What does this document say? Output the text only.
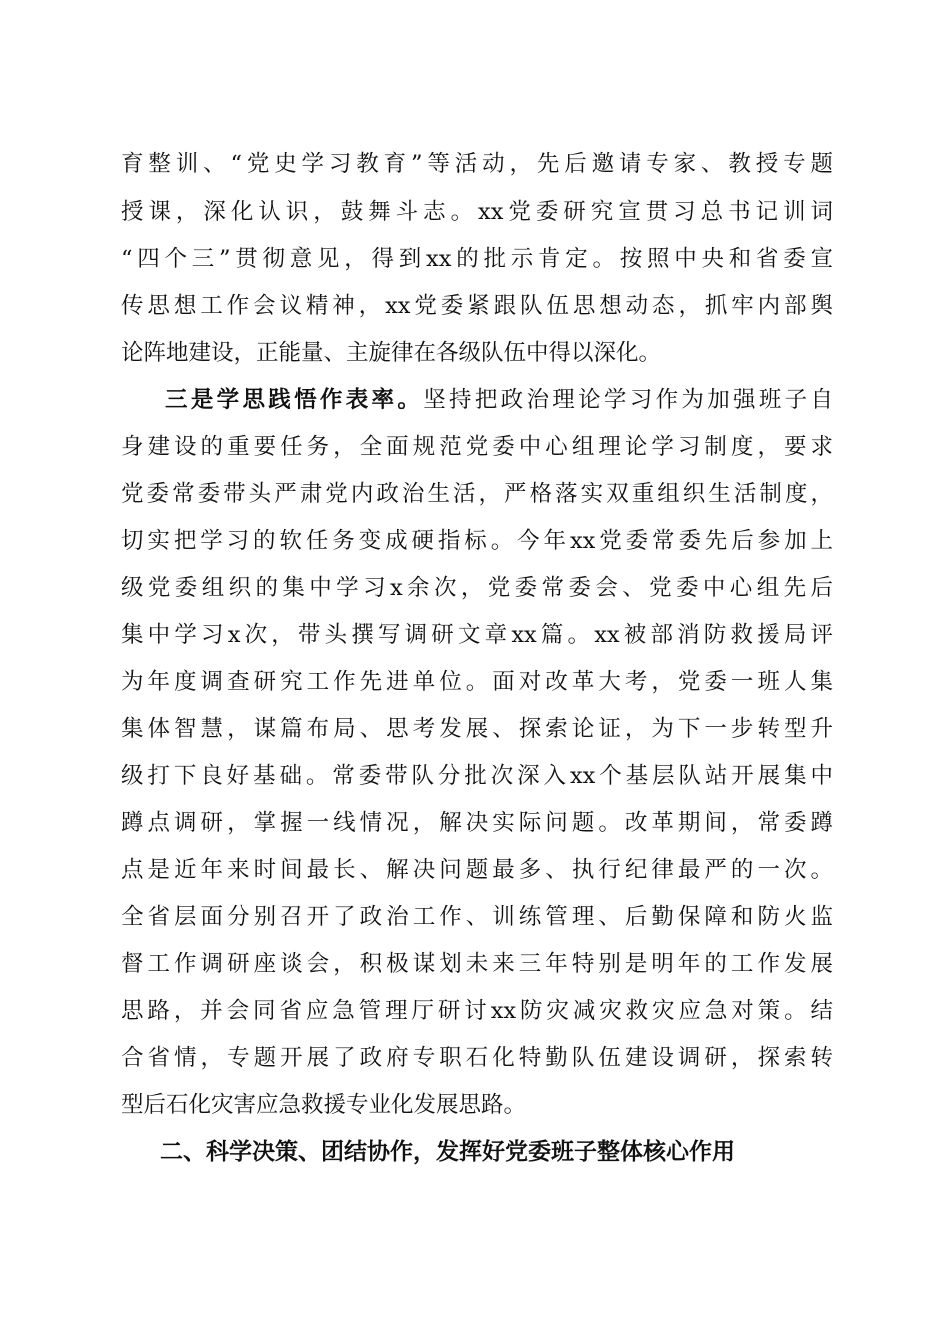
育整训、“党史学习教育”等活动，先后邀请专家、教授专题
授课，深化认识，鼓舞斗志。xx党委研究宣贯习总书记训词
“四个三”贯彻意见，得到xx的批示肯定。按照中央和省委宣
传思想工作会议精神，xx党委紧跟队伍思想动态，抓牢内部舆
论阵地建设，正能量、主旋律在各级队伍中得以深化。
三是学思践悟作表率。坚持把政治理论学习作为加强班子自
身建设的重要任务，全面规范党委中心组理论学习制度，要求
党委常委带头严肃党内政治生活，严格落实双重组织生活制度，
切实把学习的软任务变成硬指标。今年xx党委常委先后参加上
级党委组织的集中学习x余次，党委常委会、党委中心组先后
集中学习x次，带头撰写调研文章xx篇。xx被部消防救援局评
为年度调查研究工作先进单位。面对改革大考，党委一班人集
集体智慧，谋篇布局、思考发展、探索论证，为下一步转型升
级打下良好基础。常委带队分批次深入xx个基层队站开展集中
蹲点调研，掌握一线情况，解决实际问题。改革期间，常委蹲
点是近年来时间最长、解决问题最多、执行纪律最严的一次。
全省层面分别召开了政治工作、训练管理、后勤保障和防火监
督工作调研座谈会，积极谋划未来三年特别是明年的工作发展
思路，并会同省应急管理厅研讨xx防灾减灾救灾应急对策。结
合省情，专题开展了政府专职石化特勤队伍建设调研，探索转
型后石化灾害应急救援专业化发展思路。
二、科学决策、团结协作，发挥好党委班子整体核心作用
